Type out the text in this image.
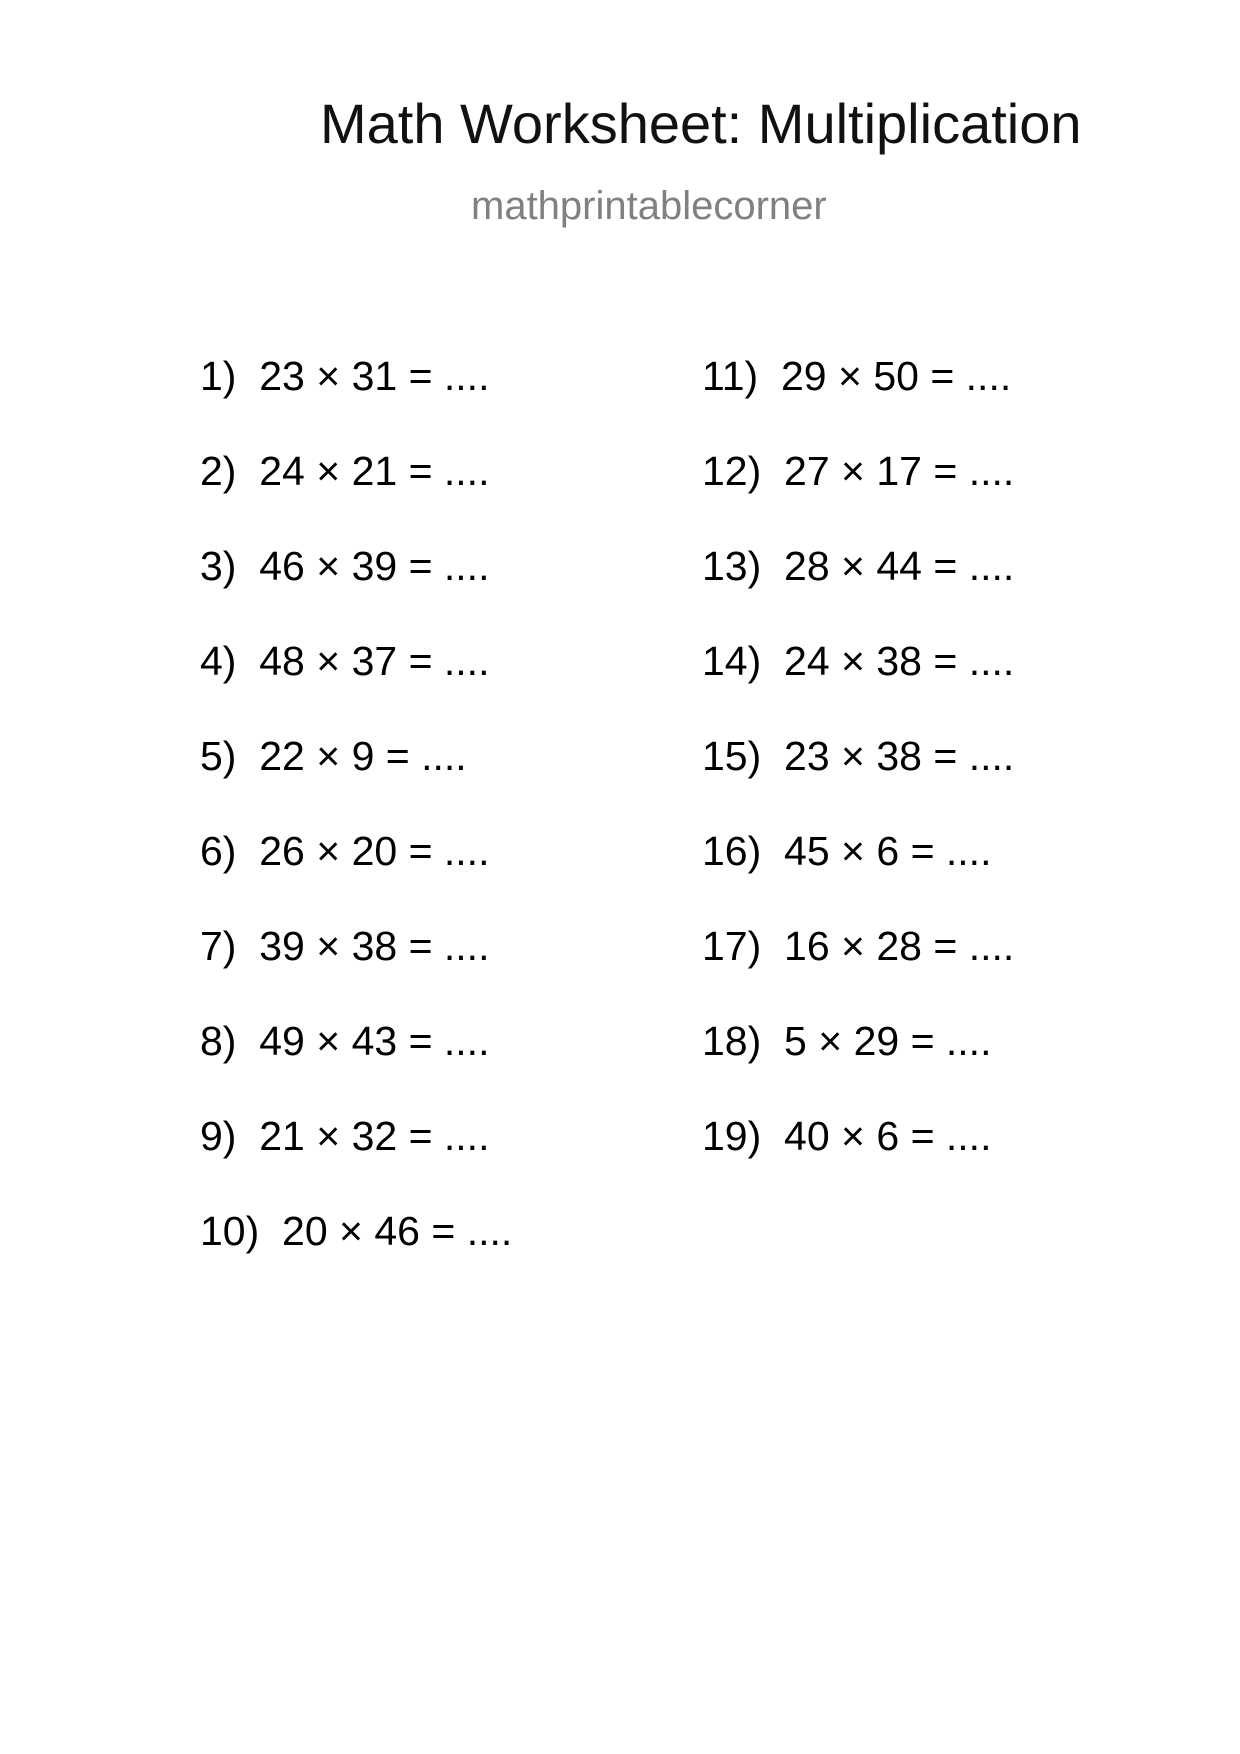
Math Worksheet: Multiplication
mathprintablecorner
1)  23 × 31 = ....
2)  24 × 21 = ....
3)  46 × 39 = ....
4)  48 × 37 = ....
5)  22 × 9 = ....
6)  26 × 20 = ....
7)  39 × 38 = ....
8)  49 × 43 = ....
9)  21 × 32 = ....
10)  20 × 46 = ....
11)  29 × 50 = ....
12)  27 × 17 = ....
13)  28 × 44 = ....
14)  24 × 38 = ....
15)  23 × 38 = ....
16)  45 × 6 = ....
17)  16 × 28 = ....
18)  5 × 29 = ....
19)  40 × 6 = ....
